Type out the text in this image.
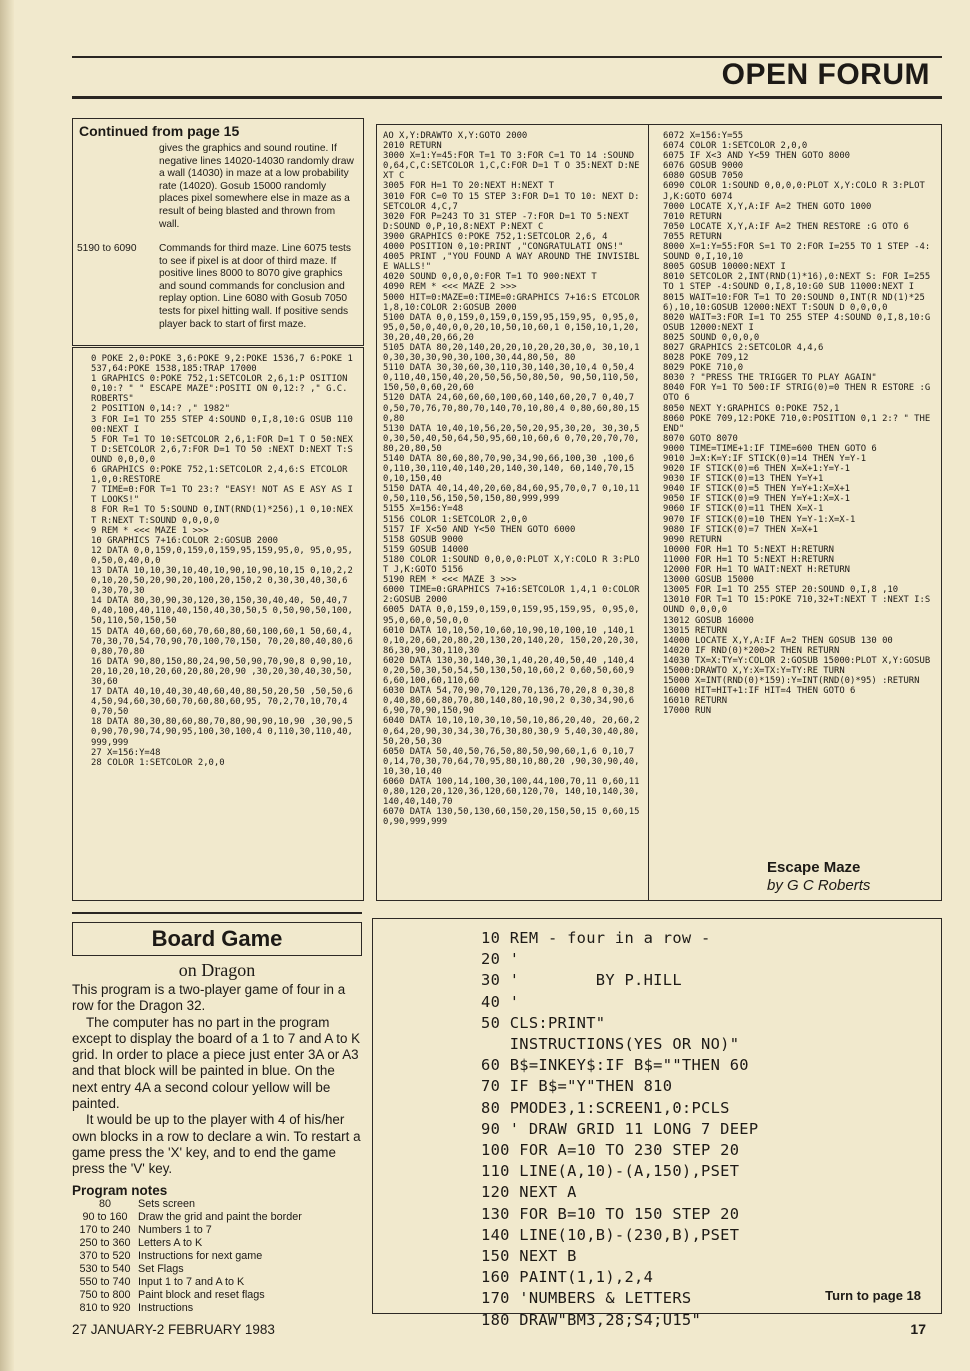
OPEN FORUM
Continued from page 15
gives the graphics and sound routine. If negative lines 14020-14030 randomly draw a wall (14030) in maze at a low probability rate (14020). Gosub 15000 randomly places pixel somewhere else in maze as a result of being blasted and thrown from wall.
5190 to 6090	Commands for third maze. Line 6075 tests to see if pixel is at door of third maze. If positive lines 8000 to 8070 give graphics and sound commands for conclusion and replay option. Line 6080 with Gosub 7050 tests for pixel hitting wall. If positive sends player back to start of first maze.
0 POKE 2,0:POKE 3,6:POKE 9,2:POKE 1536,7 6:POKE 1537,64:POKE 1538,185:TRAP 17000
1 GRAPHICS 0:POKE 752,1:SETCOLOR 2,6,1:P OSITION 0,10:? " " ESCAPE MAZE":POSITI ON 0,12:? ," G.C. ROBERTS"
2 POSITION 0,14:? ," 1982"
3 FOR I=1 TO 255 STEP 4:SOUND 0,I,8,10:G OSUB 11000:NEXT I
5 FOR T=1 TO 10:SETCOLOR 2,6,1:FOR D=1 T O 50:NEXT D:SETCOLOR 2,6,7:FOR D=1 TO 50 :NEXT D:NEXT T:SOUND 0,0,0,0
6 GRAPHICS 0:POKE 752,1:SETCOLOR 2,4,6:S ETCOLOR 1,0,0:RESTORE
7 TIME=0:FOR T=1 TO 23:? "EASY! NOT AS E ASY AS IT LOOKS!"
8 FOR R=1 TO 5:SOUND 0,INT(RND(1)*256),1 0,10:NEXT R:NEXT T:SOUND 0,0,0,0
9 REM * <<< MAZE 1 >>>
10 GRAPHICS 7+16:COLOR 2:GOSUB 2000
12 DATA 0,0,159,0,159,0,159,95,159,95,0, 95,0,95,0,50,0,40,0,0
13 DATA 10,10,30,10,40,10,90,10,90,10,15 0,10,2,20,10,20,50,20,90,20,100,20,150,2 0,30,30,40,30,60,30,70,30
14 DATA 80,30,90,30,120,30,150,30,40,40, 50,40,70,40,100,40,110,40,150,40,30,50,5 0,50,90,50,100,50,110,50,150,50
15 DATA 40,60,60,60,70,60,80,60,100,60,1 50,60,4,70,30,70,54,70,90,70,100,70,150, 70,20,80,40,80,60,80,70,80
16 DATA 90,80,150,80,24,90,50,90,70,90,8 0,90,10,20,10,20,10,20,60,20,80,20,90 ,30,20,30,40,30,50,30,60
17 DATA 40,10,40,30,40,60,40,80,50,20,50 ,50,50,64,50,94,60,30,60,70,60,80,60,95, 70,2,70,10,70,40,70,50
18 DATA 80,30,80,60,80,70,80,90,90,10,90 ,30,90,50,90,70,90,74,90,95,100,30,100,4 0,110,30,110,40,999,999
27 X=156:Y=48
28 COLOR 1:SETCOLOR 2,0,0
AO X,Y:DRAWTO X,Y:GOTO 2000
2010 RETURN
3000 X=1:Y=45:FOR T=1 TO 3:FOR C=1 TO 14 :SOUND 0,64,C,C:SETCOLOR 1,C,C:FOR D=1 T O 35:NEXT D:NEXT C
3005 FOR H=1 TO 20:NEXT H:NEXT T
3010 FOR C=0 TO 15 STEP 3:FOR D=1 TO 10: NEXT D:SETCOLOR 4,C,7
3020 FOR P=243 TO 31 STEP -7:FOR D=1 TO 5:NEXT D:SOUND 0,P,10,8:NEXT P:NEXT C
3900 GRAPHICS 0:POKE 752,1:SETCOLOR 2,6, 4
4000 POSITION 0,10:PRINT ,"CONGRATULATI ONS!"
4005 PRINT ,"YOU FOUND A WAY AROUND THE INVISIBLE WALLS!"
4020 SOUND 0,0,0,0:FOR T=1 TO 900:NEXT T
4090 REM * <<< MAZE 2 >>>
5000 HIT=0:MAZE=0:TIME=0:GRAPHICS 7+16:S ETCOLOR 1,8,10:COLOR 2:GOSUB 2000
5100 DATA 0,0,159,0,159,0,159,95,159,95, 0,95,0,95,0,50,0,40,0,0,20,10,50,10,60,1 0,150,10,1,20,30,20,40,20,66,20
5105 DATA 80,20,140,20,20,10,20,20,30,0, 30,10,10,30,30,30,90,30,100,30,44,80,50, 80
5110 DATA 30,30,60,30,110,30,140,30,10,4 0,50,40,110,40,150,40,20,50,56,50,80,50, 90,50,110,50,150,50,0,60,20,60
5120 DATA 24,60,60,60,100,60,140,60,20,7 0,40,70,50,70,76,70,80,70,140,70,10,80,4 0,80,60,80,150,80
5130 DATA 10,40,10,56,20,50,20,95,30,20, 30,30,50,30,50,40,50,64,50,95,60,10,60,6 0,70,20,70,70,80,20,80,50
5140 DATA 80,60,80,70,90,34,90,66,100,30 ,100,60,110,30,110,40,140,20,140,30,140, 60,140,70,150,10,150,40
5150 DATA 40,14,40,20,60,84,60,95,70,0,7 0,10,110,50,110,56,150,50,150,80,999,999
5155 X=156:Y=48
5156 COLOR 1:SETCOLOR 2,0,0
5157 IF X<50 AND Y<50 THEN GOTO 6000
5158 GOSUB 9000
5159 GOSUB 14000
5180 COLOR 1:SOUND 0,0,0,0:PLOT X,Y:COLO R 3:PLOT J,K:GOTO 5156
5190 REM * <<< MAZE 3 >>>
6000 TIME=0:GRAPHICS 7+16:SETCOLOR 1,4,1 0:COLOR 2:GOSUB 2000
6005 DATA 0,0,159,0,159,0,159,95,159,95, 0,95,0,95,0,60,0,50,0,0
6010 DATA 10,10,50,10,60,10,90,10,100,10 ,140,10,10,20,60,20,80,20,130,20,140,20, 150,20,20,30,86,30,90,30,110,30
6020 DATA 130,30,140,30,1,40,20,40,50,40 ,140,40,20,50,30,50,54,50,130,50,10,60,2 0,60,50,60,96,60,100,60,110,60
6030 DATA 54,70,90,70,120,70,136,70,20,8 0,30,80,40,80,60,80,70,80,140,80,10,90,2 0,30,34,90,66,90,70,90,150,90
6040 DATA 10,10,10,30,10,50,10,86,20,40, 20,60,20,64,20,90,30,34,30,76,30,80,30,9 5,40,30,40,80,50,20,50,30
6050 DATA 50,40,50,76,50,80,50,90,60,1,6 0,10,70,14,70,30,70,64,70,95,80,10,80,20 ,90,30,90,40,10,30,10,40
6060 DATA 100,14,100,30,100,44,100,70,11 0,60,110,80,120,20,120,36,120,60,120,70, 140,10,140,30,140,40,140,70
6070 DATA 130,50,130,60,150,20,150,50,15 0,60,150,90,999,999
6072 X=156:Y=55
6074 COLOR 1:SETCOLOR 2,0,0
6075 IF X<3 AND Y<59 THEN GOTO 8000
6076 GOSUB 9000
6080 GOSUB 7050
6090 COLOR 1:SOUND 0,0,0,0:PLOT X,Y:COLO R 3:PLOT J,K:GOTO 6074
7000 LOCATE X,Y,A:IF A=2 THEN GOTO 1000
7010 RETURN
7050 LOCATE X,Y,A:IF A=2 THEN RESTORE :G OTO 6
7055 RETURN
8000 X=1:Y=55:FOR S=1 TO 2:FOR I=255 TO 1 STEP -4:SOUND 0,I,10,10
8005 GOSUB 10000:NEXT I
8010 SETCOLOR 2,INT(RND(1)*16),0:NEXT S: FOR I=255 TO 1 STEP -4:SOUND 0,I,8,10:G0 SUB 11000:NEXT I
8015 WAIT=10:FOR T=1 TO 20:SOUND 0,INT(R ND(1)*256),10,10:GOSUB 12000:NEXT T:SOUN D 0,0,0,0
8020 WAIT=3:FOR I=1 TO 255 STEP 4:SOUND 0,I,8,10:GOSUB 12000:NEXT I
8025 SOUND 0,0,0,0
8027 GRAPHICS 2:SETCOLOR 4,4,6
8028 POKE 709,12
8029 POKE 710,0
8030 ? "PRESS THE TRIGGER TO PLAY AGAIN"
8040 FOR Y=1 TO 500:IF STRIG(0)=0 THEN R ESTORE :GOTO 6
8050 NEXT Y:GRAPHICS 0:POKE 752,1
8060 POKE 709,12:POKE 710,0:POSITION 0,1 2:? " THE END"
8070 GOTO 8070
9000 TIME=TIME+1:IF TIME=600 THEN GOTO 6
9010 J=X:K=Y:IF STICK(0)=14 THEN Y=Y-1
9020 IF STICK(0)=6 THEN X=X+1:Y=Y-1
9030 IF STICK(0)=13 THEN Y=Y+1
9040 IF STICK(0)=5 THEN Y=Y+1:X=X+1
9050 IF STICK(0)=9 THEN Y=Y+1:X=X-1
9060 IF STICK(0)=11 THEN X=X-1
9070 IF STICK(0)=10 THEN Y=Y-1:X=X-1
9080 IF STICK(0)=7 THEN X=X+1
9090 RETURN
10000 FOR H=1 TO 5:NEXT H:RETURN
11000 FOR H=1 TO 5:NEXT H:RETURN
12000 FOR H=1 TO WAIT:NEXT H:RETURN
13000 GOSUB 15000
13005 FOR I=1 TO 255 STEP 20:SOUND 0,I,8 ,10
13010 FOR T=1 TO 15:POKE 710,32+T:NEXT T :NEXT I:SOUND 0,0,0,0
13012 GOSUB 16000
13015 RETURN
14000 LOCATE X,Y,A:IF A=2 THEN GOSUB 130 00
14020 IF RND(0)*200>2 THEN RETURN
14030 TX=X:TY=Y:COLOR 2:GOSUB 15000:PLOT X,Y:GOSUB 15000:DRAWTO X,Y:X=TX:Y=TY:RE TURN
15000 X=INT(RND(0)*159):Y=INT(RND(0)*95) :RETURN
16000 HIT=HIT+1:IF HIT=4 THEN GOTO 6
16010 RETURN
17000 RUN
Escape Maze
by G C Roberts
Board Game
on Dragon
This program is a two-player game of four in a row for the Dragon 32.
The computer has no part in the program except to display the board of a 1 to 7 and A to K grid. In order to place a piece just enter 3A or A3 and that block will be painted in blue. On the next entry 4A a second colour yellow will be painted.
It would be up to the player with 4 of his/her own blocks in a row to declare a win. To restart a game press the 'X' key, and to end the game press the 'V' key.
Program notes
80	Sets screen
90 to 160 Draw the grid and paint the border
170 to 240 Numbers 1 to 7
250 to 360 Letters A to K
370 to 520 Instructions for next game
530 to 540 Set Flags
550 to 740 Input 1 to 7 and A to K
750 to 800 Paint block and reset flags
810 to 920 Instructions
10 REM - four in a row -
20 '
30 '        BY P.HILL
40 '
50 CLS:PRINT"
INSTRUCTIONS(YES OR NO)"
60 B$=INKEY$:IF B$=""THEN 60
70 IF B$="Y"THEN 810
80 PMODE3,1:SCREEN1,0:PCLS
90 ' DRAW GRID 11 LONG 7 DEEP
100 FOR A=10 TO 230 STEP 20
110 LINE(A,10)-(A,150),PSET
120 NEXT A
130 FOR B=10 TO 150 STEP 20
140 LINE(10,B)-(230,B),PSET
150 NEXT B
160 PAINT(1,1),2,4
170 'NUMBERS & LETTERS
180 DRAW"BM3,28;S4;U15"
Turn to page 18
27 JANUARY-2 FEBRUARY 1983	17
